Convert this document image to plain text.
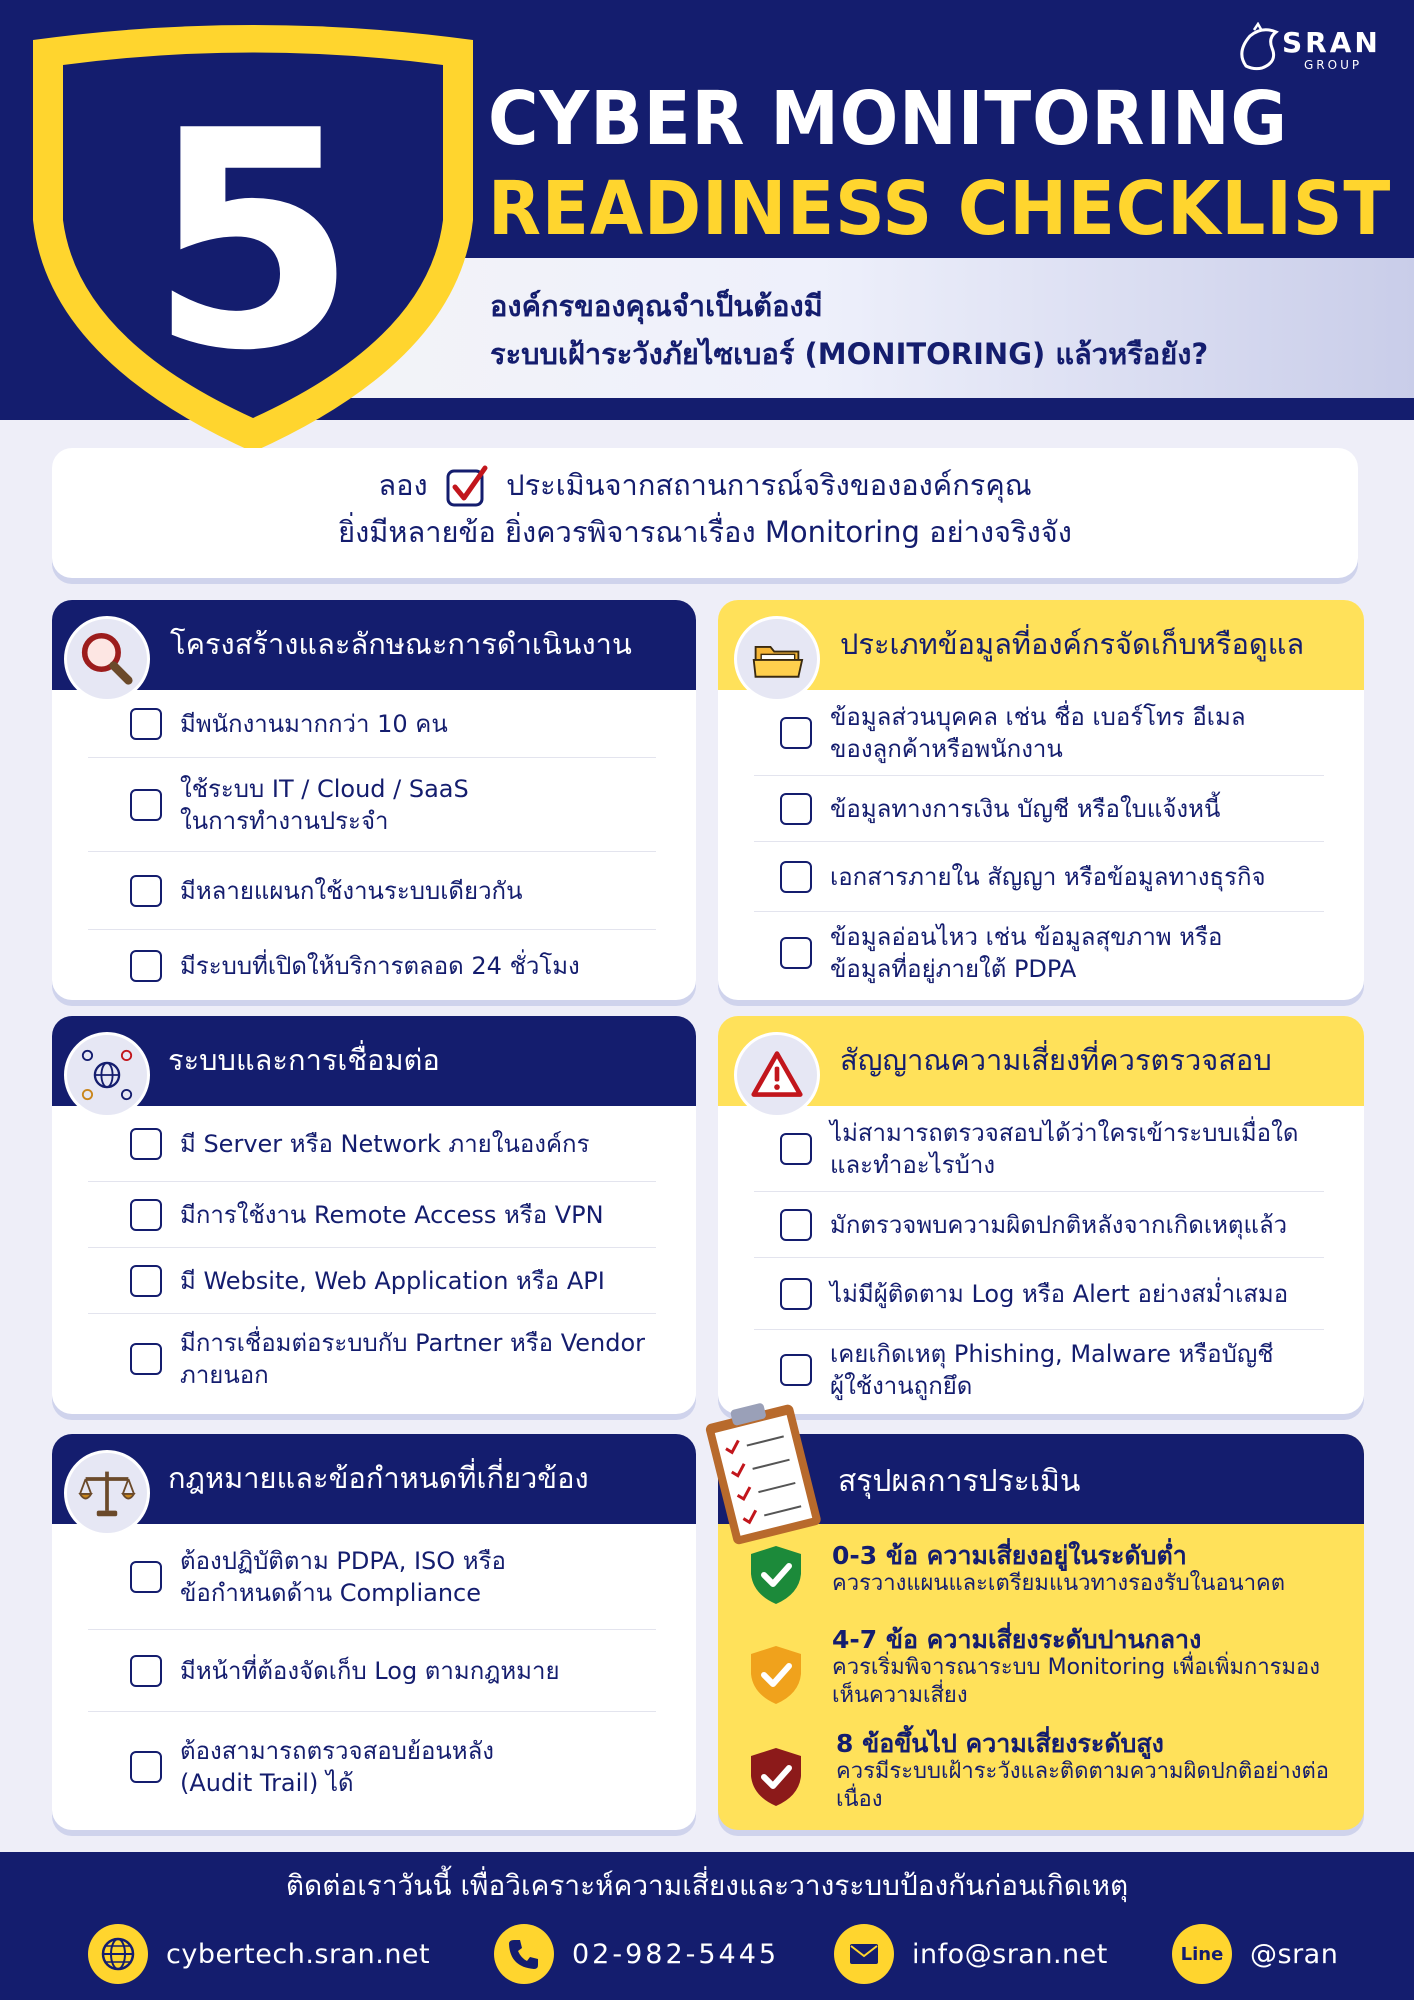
องค์กรของคุณจำเป็นต้องมี
ระบบเฝ้าระวังภัยไซเบอร์ (MONITORING) แล้วหรือยัง?
5 CYBER MONITORING
READINESS CHECKLIST
SRAN
GROUP
ลอง	ประเมินจากสถานการณ์จริงขององค์กรคุณ
ยิ่งมีหลายข้อ ยิ่งควรพิจารณาเรื่อง Monitoring อย่างจริงจัง
โครงสร้างและลักษณะการดำเนินงาน
มีพนักงานมากกว่า 10 คน
ใช้ระบบ IT / Cloud / SaaS
ในการทำงานประจำ
มีหลายแผนกใช้งานระบบเดียวกัน
มีระบบที่เปิดให้บริการตลอด 24 ชั่วโมง
ประเภทข้อมูลที่องค์กรจัดเก็บหรือดูแล
ข้อมูลส่วนบุคคล เช่น ชื่อ เบอร์โทร อีเมล
ของลูกค้าหรือพนักงาน
ข้อมูลทางการเงิน บัญชี หรือใบแจ้งหนี้
เอกสารภายใน สัญญา หรือข้อมูลทางธุรกิจ
ข้อมูลอ่อนไหว เช่น ข้อมูลสุขภาพ หรือ
ข้อมูลที่อยู่ภายใต้ PDPA
ระบบและการเชื่อมต่อ
มี Server หรือ Network ภายในองค์กร
มีการใช้งาน Remote Access หรือ VPN
มี Website, Web Application หรือ API
มีการเชื่อมต่อระบบกับ Partner หรือ Vendor
ภายนอก
สัญญาณความเสี่ยงที่ควรตรวจสอบ
ไม่สามารถตรวจสอบได้ว่าใครเข้าระบบเมื่อใด
และทำอะไรบ้าง
มักตรวจพบความผิดปกติหลังจากเกิดเหตุแล้ว
ไม่มีผู้ติดตาม Log หรือ Alert อย่างสม่ำเสมอ
เคยเกิดเหตุ Phishing, Malware หรือบัญชี
ผู้ใช้งานถูกยึด
กฎหมายและข้อกำหนดที่เกี่ยวข้อง
ต้องปฏิบัติตาม PDPA, ISO หรือ
ข้อกำหนดด้าน Compliance
มีหน้าที่ต้องจัดเก็บ Log ตามกฎหมาย
ต้องสามารถตรวจสอบย้อนหลัง
(Audit Trail) ได้
สรุปผลการประเมิน
0-3 ข้อ ความเสี่ยงอยู่ในระดับต่ำ
ควรวางแผนและเตรียมแนวทางรองรับในอนาคต
4-7 ข้อ ความเสี่ยงระดับปานกลาง
ควรเริ่มพิจารณาระบบ Monitoring เพื่อเพิ่มการมองเห็นความเสี่ยง
8 ข้อขึ้นไป ความเสี่ยงระดับสูง
ควรมีระบบเฝ้าระวังและติดตามความผิดปกติอย่างต่อเนื่อง
ติดต่อเราวันนี้ เพื่อวิเคราะห์ความเสี่ยงและวางระบบป้องกันก่อนเกิดเหตุ
cybertech.sran.net	02-982-5445	info@sran.net	Line @sran
